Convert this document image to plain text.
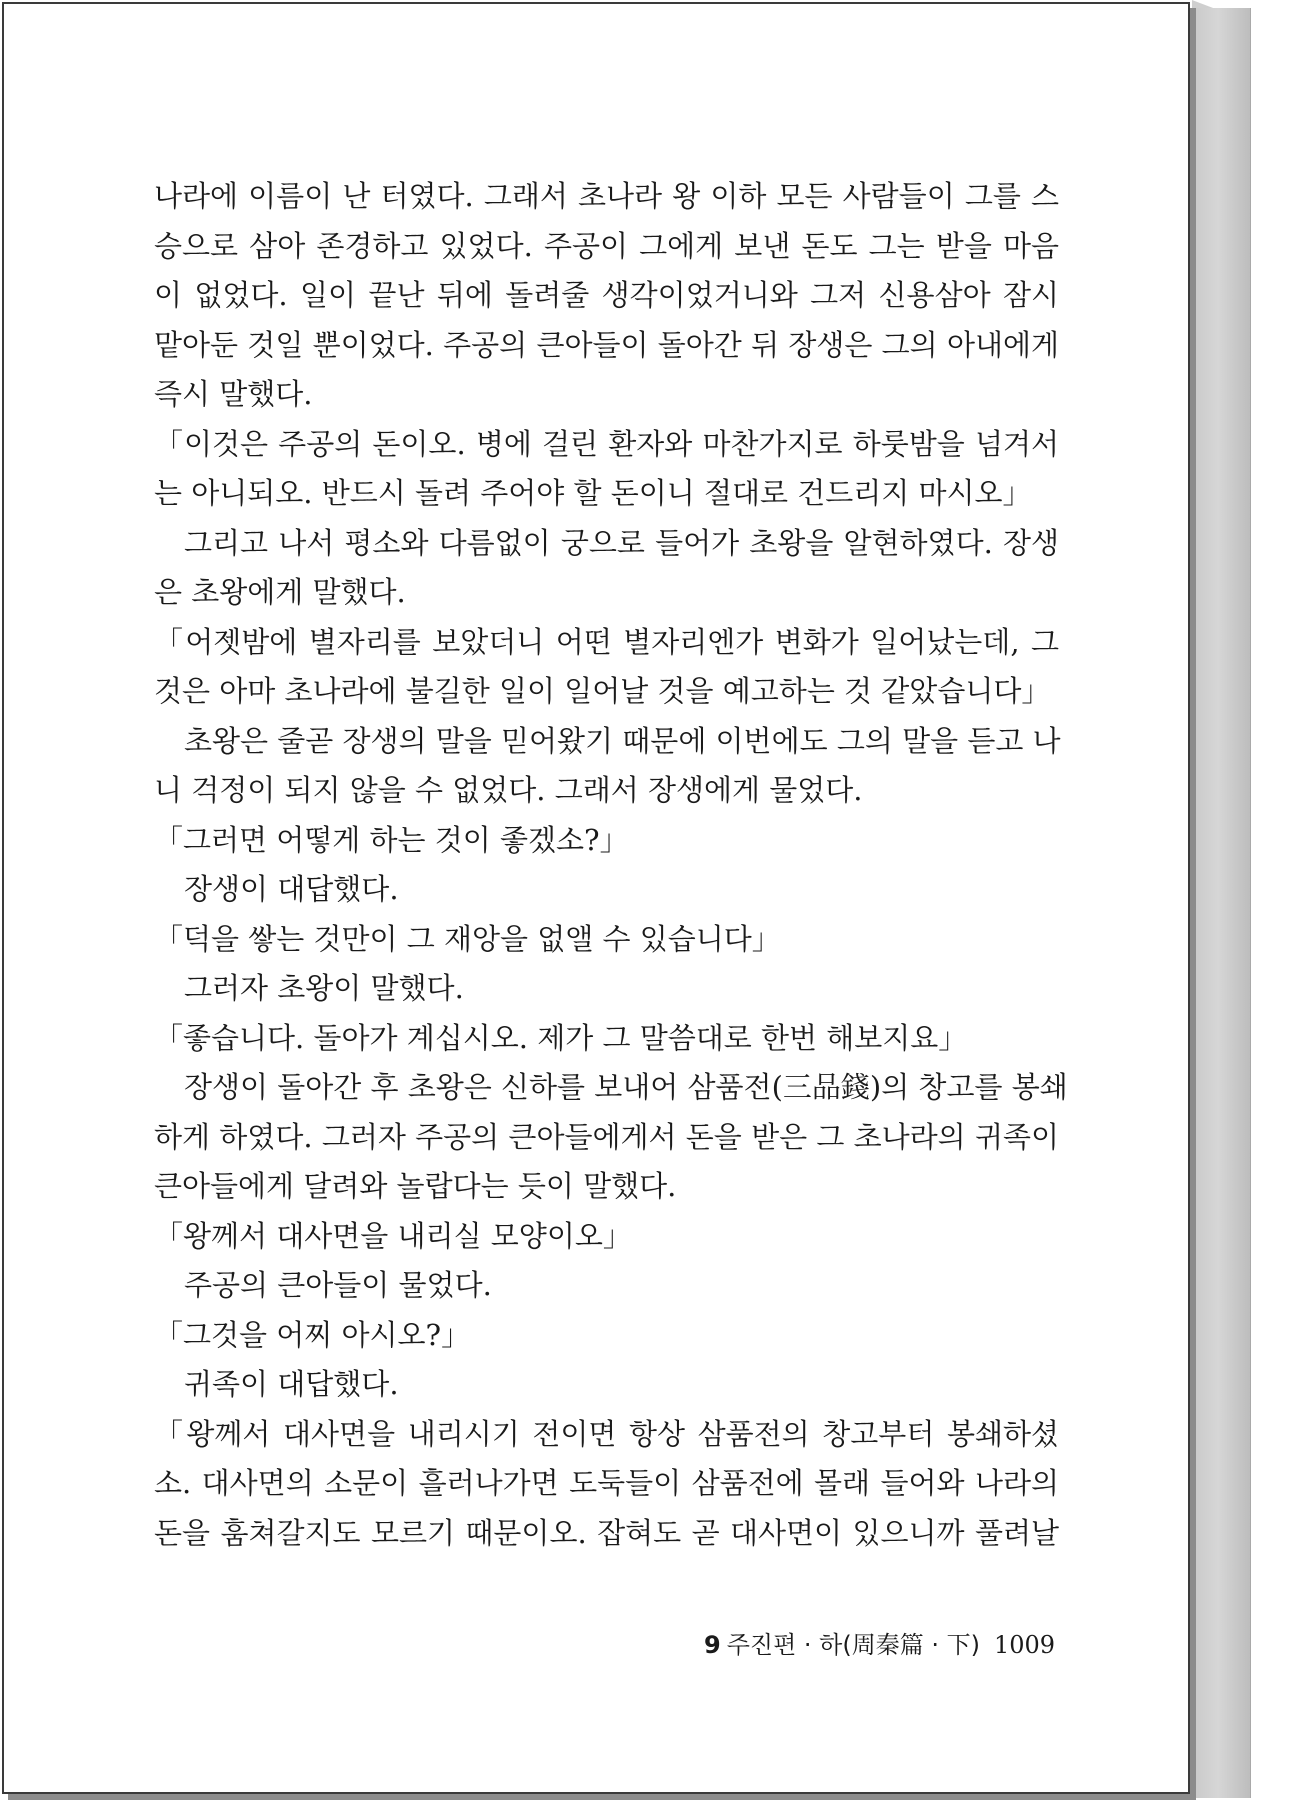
나라에 이름이 난 터였다. 그래서 초나라 왕 이하 모든 사람들이 그를 스
승으로 삼아 존경하고 있었다. 주공이 그에게 보낸 돈도 그는 받을 마음
이 없었다. 일이 끝난 뒤에 돌려줄 생각이었거니와 그저 신용삼아 잠시
맡아둔 것일 뿐이었다. 주공의 큰아들이 돌아간 뒤 장생은 그의 아내에게
즉시 말했다.
「이것은 주공의 돈이오. 병에 걸린 환자와 마찬가지로 하룻밤을 넘겨서
는 아니되오. 반드시 돌려 주어야 할 돈이니 절대로 건드리지 마시오」
그리고 나서 평소와 다름없이 궁으로 들어가 초왕을 알현하였다. 장생
은 초왕에게 말했다.
「어젯밤에 별자리를 보았더니 어떤 별자리엔가 변화가 일어났는데, 그
것은 아마 초나라에 불길한 일이 일어날 것을 예고하는 것 같았습니다」
초왕은 줄곧 장생의 말을 믿어왔기 때문에 이번에도 그의 말을 듣고 나
니 걱정이 되지 않을 수 없었다. 그래서 장생에게 물었다.
「그러면 어떻게 하는 것이 좋겠소?」
장생이 대답했다.
「덕을 쌓는 것만이 그 재앙을 없앨 수 있습니다」
그러자 초왕이 말했다.
「좋습니다. 돌아가 계십시오. 제가 그 말씀대로 한번 해보지요」
장생이 돌아간 후 초왕은 신하를 보내어 삼품전(三品錢)의 창고를 봉쇄
하게 하였다. 그러자 주공의 큰아들에게서 돈을 받은 그 초나라의 귀족이
큰아들에게 달려와 놀랍다는 듯이 말했다.
「왕께서 대사면을 내리실 모양이오」
주공의 큰아들이 물었다.
「그것을 어찌 아시오?」
귀족이 대답했다.
「왕께서 대사면을 내리시기 전이면 항상 삼품전의 창고부터 봉쇄하셨
소. 대사면의 소문이 흘러나가면 도둑들이 삼품전에 몰래 들어와 나라의
돈을 훔쳐갈지도 모르기 때문이오. 잡혀도 곧 대사면이 있으니까 풀려날
9 주진편 · 하(周秦篇 · 下) 1009
